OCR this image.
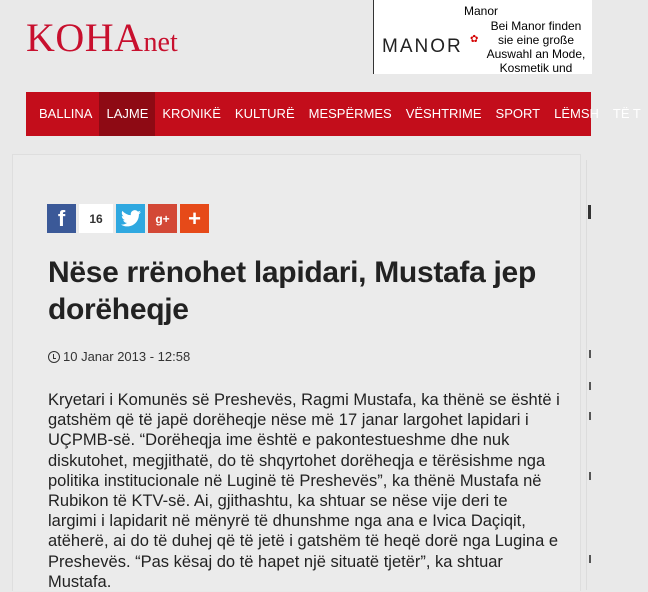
KOHAnet
Manor
MANOR ✿
Bei Manor finden sie eine große Auswahl an Mode, Kosmetik und
BALLINA	LAJME	KRONIKË	KULTURË	MESPËRMES	VËSHTRIME	SPORT	LËMSH	TË T
f	16	g+ +
Nëse rrënohet lapidari, Mustafa jep dorëheqje
10 Janar 2013 - 12:58
Kryetari i Komunës së Preshevës, Ragmi Mustafa, ka thënë se është i gatshëm që të japë dorëheqje nëse më 17 janar largohet lapidari i UÇPMB-së. “Dorëheqja ime është e pakontestueshme dhe nuk diskutohet, megjithatë, do të shqyrtohet dorëheqja e tërësishme nga politika institucionale në Luginë të Preshevës”, ka thënë Mustafa në Rubikon të KTV-së. Ai, gjithashtu, ka shtuar se nëse vije deri te largimi i lapidarit në mënyrë të dhunshme nga ana e Ivica Daçiqit, atëherë, ai do të duhej që të jetë i gatshëm të heqë dorë nga Lugina e Preshevës. “Pas kësaj do të hapet një situatë tjetër”, ka shtuar Mustafa.
